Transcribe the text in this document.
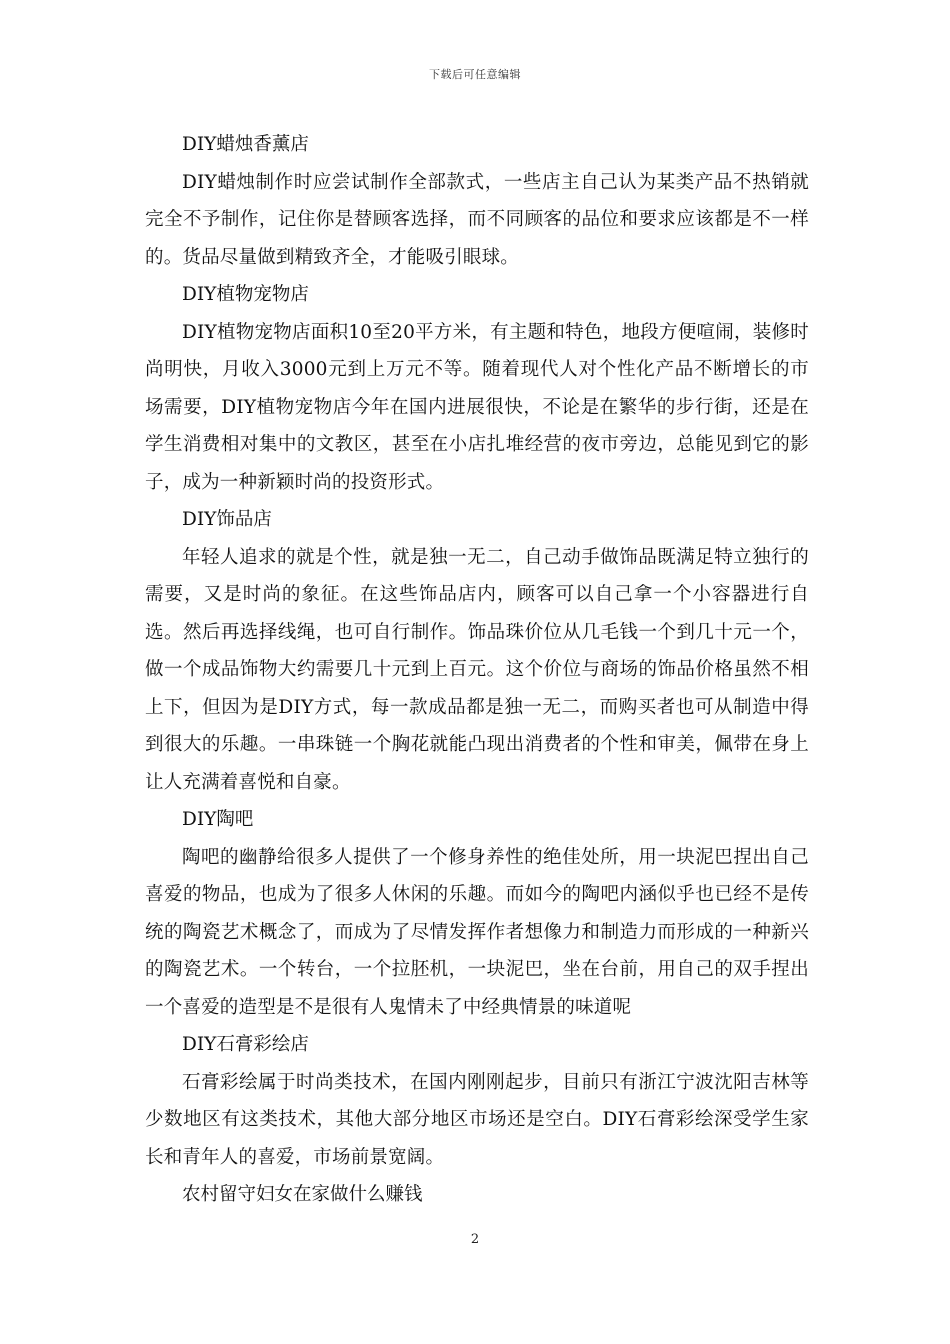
下载后可任意编辑

DIY蜡烛香薰店

DIY蜡烛制作时应尝试制作全部款式，一些店主自己认为某类产品不热销就完全不予制作，记住你是替顾客选择，而不同顾客的品位和要求应该都是不一样的。货品尽量做到精致齐全，才能吸引眼球。

DIY植物宠物店

DIY植物宠物店面积10至20平方米，有主题和特色，地段方便喧闹，装修时尚明快，月收入3000元到上万元不等。随着现代人对个性化产品不断增长的市场需要，DIY植物宠物店今年在国内进展很快，不论是在繁华的步行街，还是在学生消费相对集中的文教区，甚至在小店扎堆经营的夜市旁边，总能见到它的影子，成为一种新颖时尚的投资形式。

DIY饰品店

年轻人追求的就是个性，就是独一无二，自己动手做饰品既满足特立独行的需要，又是时尚的象征。在这些饰品店内，顾客可以自己拿一个小容器进行自选。然后再选择线绳，也可自行制作。饰品珠价位从几毛钱一个到几十元一个，做一个成品饰物大约需要几十元到上百元。这个价位与商场的饰品价格虽然不相上下，但因为是DIY方式，每一款成品都是独一无二，而购买者也可从制造中得到很大的乐趣。一串珠链一个胸花就能凸现出消费者的个性和审美，佩带在身上让人充满着喜悦和自豪。

DIY陶吧

陶吧的幽静给很多人提供了一个修身养性的绝佳处所，用一块泥巴捏出自己喜爱的物品，也成为了很多人休闲的乐趣。而如今的陶吧内涵似乎也已经不是传统的陶瓷艺术概念了，而成为了尽情发挥作者想像力和制造力而形成的一种新兴的陶瓷艺术。一个转台，一个拉胚机，一块泥巴，坐在台前，用自己的双手捏出一个喜爱的造型是不是很有人鬼情未了中经典情景的味道呢

DIY石膏彩绘店

石膏彩绘属于时尚类技术，在国内刚刚起步，目前只有浙江宁波沈阳吉林等少数地区有这类技术，其他大部分地区市场还是空白。DIY石膏彩绘深受学生家长和青年人的喜爱，市场前景宽阔。

农村留守妇女在家做什么赚钱

2
